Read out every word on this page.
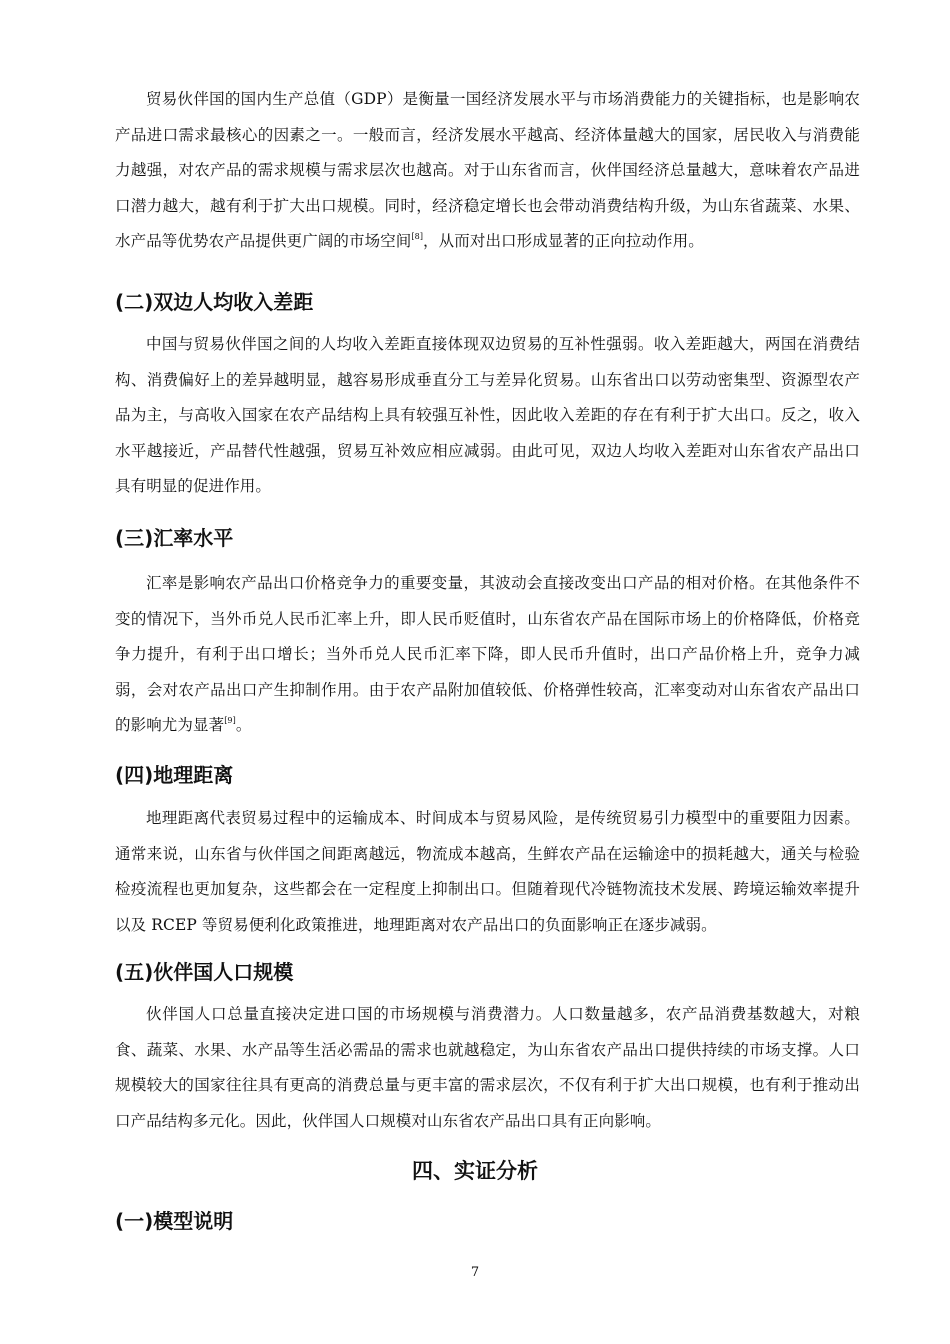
贸易伙伴国的国内生产总值（GDP）是衡量一国经济发展水平与市场消费能力的关键指标，也是影响农产品进口需求最核心的因素之一。一般而言，经济发展水平越高、经济体量越大的国家，居民收入与消费能力越强，对农产品的需求规模与需求层次也越高。对于山东省而言，伙伴国经济总量越大，意味着农产品进口潜力越大，越有利于扩大出口规模。同时，经济稳定增长也会带动消费结构升级，为山东省蔬菜、水果、水产品等优势农产品提供更广阔的市场空间[8]，从而对出口形成显著的正向拉动作用。

(二)双边人均收入差距

中国与贸易伙伴国之间的人均收入差距直接体现双边贸易的互补性强弱。收入差距越大，两国在消费结构、消费偏好上的差异越明显，越容易形成垂直分工与差异化贸易。山东省出口以劳动密集型、资源型农产品为主，与高收入国家在农产品结构上具有较强互补性，因此收入差距的存在有利于扩大出口。反之，收入水平越接近，产品替代性越强，贸易互补效应相应减弱。由此可见，双边人均收入差距对山东省农产品出口具有明显的促进作用。

(三)汇率水平

汇率是影响农产品出口价格竞争力的重要变量，其波动会直接改变出口产品的相对价格。在其他条件不变的情况下，当外币兑人民币汇率上升，即人民币贬值时，山东省农产品在国际市场上的价格降低，价格竞争力提升，有利于出口增长；当外币兑人民币汇率下降，即人民币升值时，出口产品价格上升，竞争力减弱，会对农产品出口产生抑制作用。由于农产品附加值较低、价格弹性较高，汇率变动对山东省农产品出口的影响尤为显著[9]。

(四)地理距离

地理距离代表贸易过程中的运输成本、时间成本与贸易风险，是传统贸易引力模型中的重要阻力因素。通常来说，山东省与伙伴国之间距离越远，物流成本越高，生鲜农产品在运输途中的损耗越大，通关与检验检疫流程也更加复杂，这些都会在一定程度上抑制出口。但随着现代冷链物流技术发展、跨境运输效率提升以及 RCEP 等贸易便利化政策推进，地理距离对农产品出口的负面影响正在逐步减弱。

(五)伙伴国人口规模

伙伴国人口总量直接决定进口国的市场规模与消费潜力。人口数量越多，农产品消费基数越大，对粮食、蔬菜、水果、水产品等生活必需品的需求也就越稳定，为山东省农产品出口提供持续的市场支撑。人口规模较大的国家往往具有更高的消费总量与更丰富的需求层次，不仅有利于扩大出口规模，也有利于推动出口产品结构多元化。因此，伙伴国人口规模对山东省农产品出口具有正向影响。

四、实证分析
(一)模型说明
7
